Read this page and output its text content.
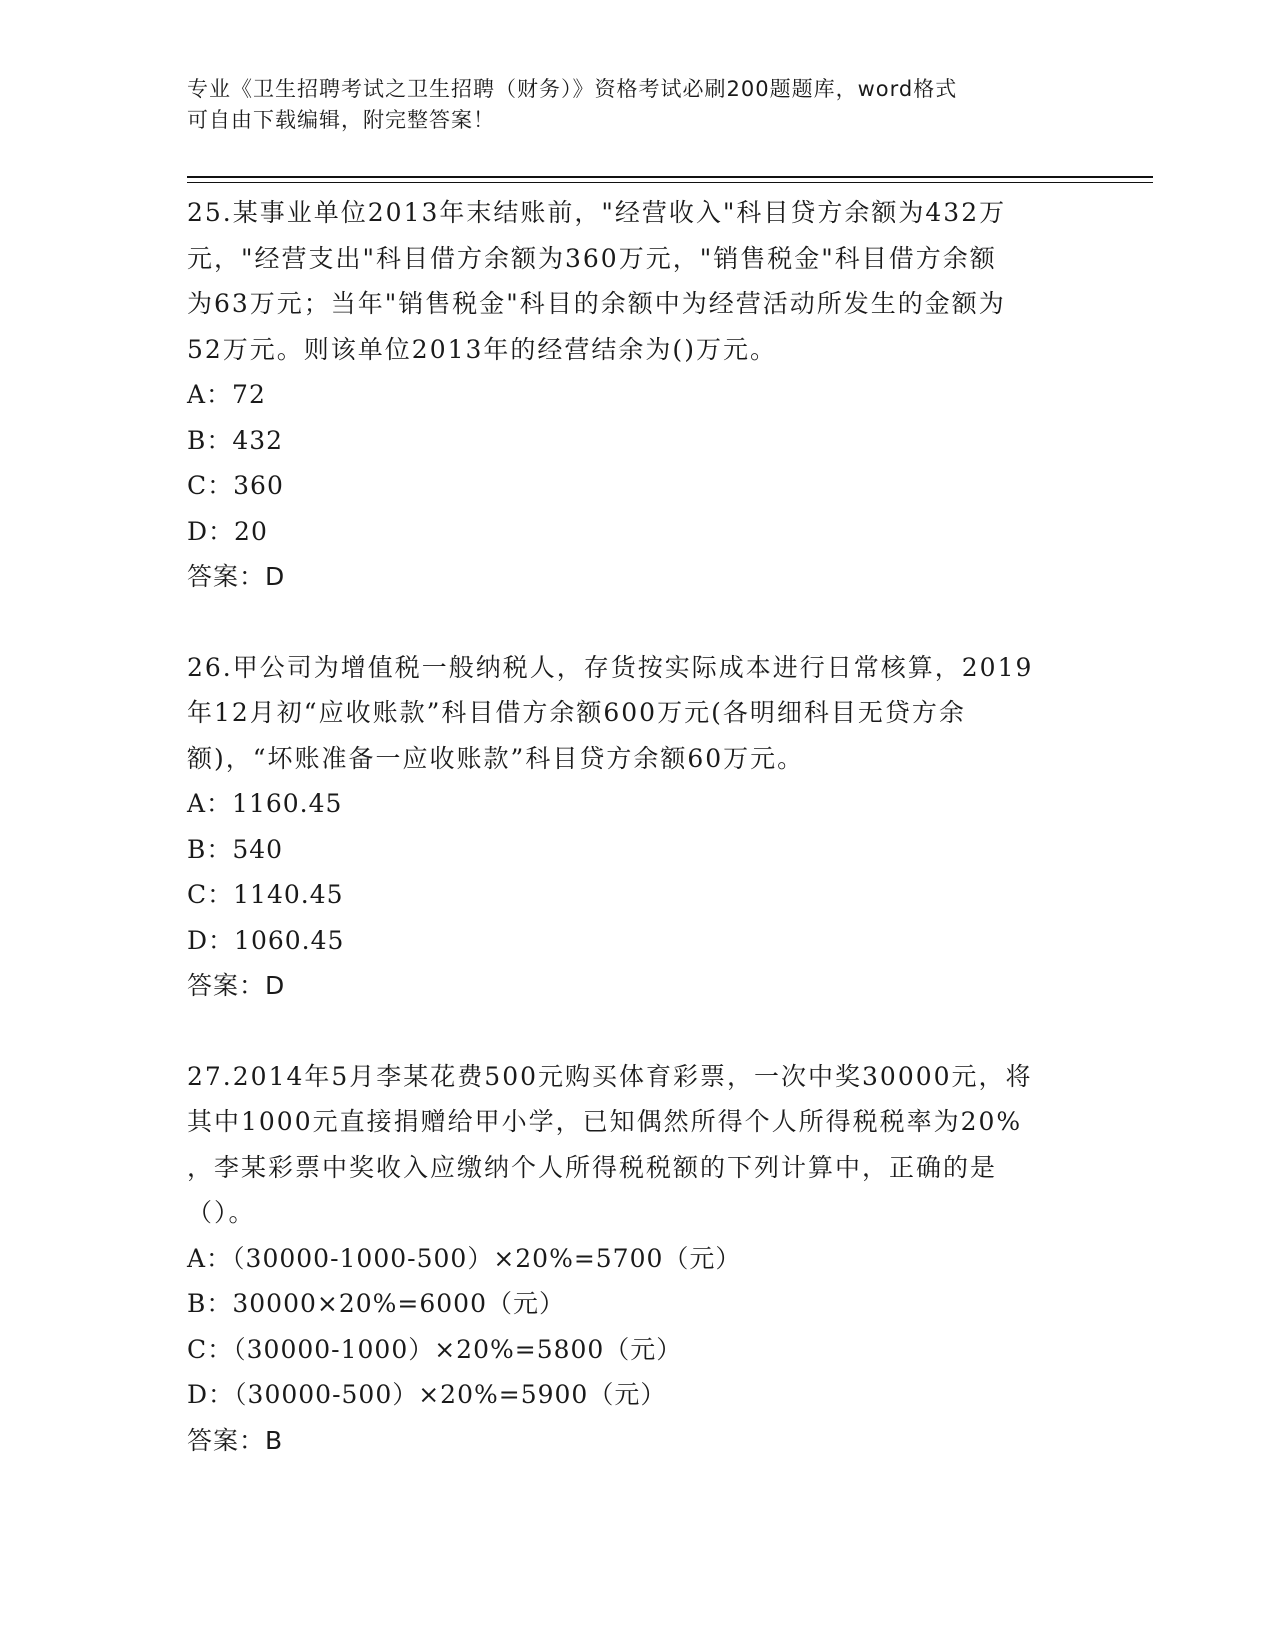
专业《卫生招聘考试之卫生招聘（财务）》资格考试必刷200题题库，word格式
可自由下载编辑，附完整答案！
25.某事业单位2013年末结账前，"经营收入"科目贷方余额为432万
元，"经营支出"科目借方余额为360万元，"销售税金"科目借方余额
为63万元；当年"销售税金"科目的余额中为经营活动所发生的金额为
52万元。则该单位2013年的经营结余为()万元。
A：72
B：432
C：360
D：20
答案：D
26.甲公司为增值税一般纳税人，存货按实际成本进行日常核算，2019
年12月初“应收账款”科目借方余额600万元(各明细科目无贷方余
额)，“坏账准备一应收账款”科目贷方余额60万元。
A：1160.45
B：540
C：1140.45
D：1060.45
答案：D
27.2014年5月李某花费500元购买体育彩票，一次中奖30000元，将
其中1000元直接捐赠给甲小学，已知偶然所得个人所得税税率为20%
，李某彩票中奖收入应缴纳个人所得税税额的下列计算中，正确的是
（）。
A：（30000-1000-500）×20%=5700（元）
B：30000×20%=6000（元）
C：（30000-1000）×20%=5800（元）
D：（30000-500）×20%=5900（元）
答案：B
